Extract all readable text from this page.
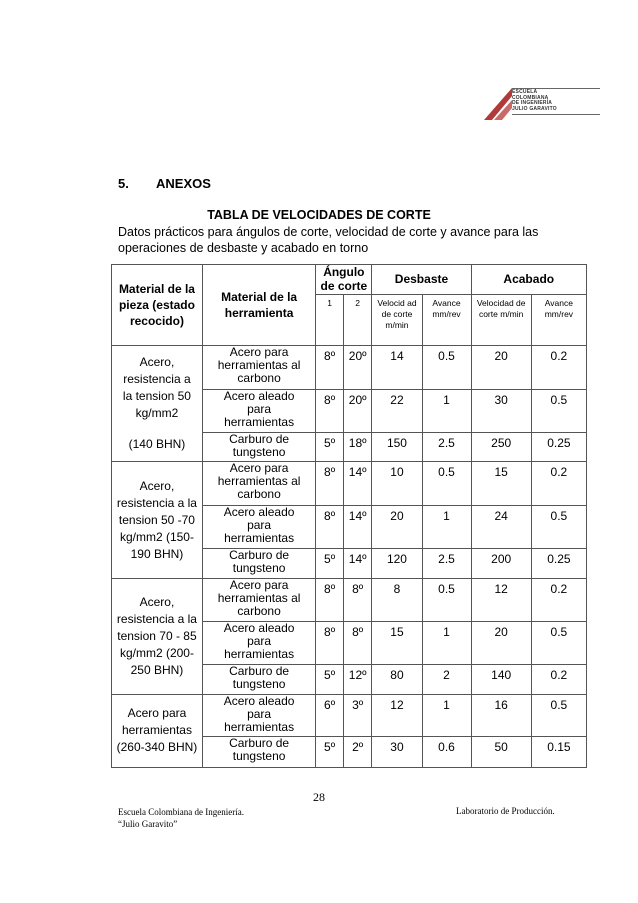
ESCUELA
COLOMBIANA
DE INGENIERÍA
JULIO GARAVITO
5. ANEXOS
TABLA DE VELOCIDADES DE CORTE
Datos prácticos para ángulos de corte, velocidad de corte y avance para las operaciones de desbaste y acabado en torno
Material de la pieza (estado recocido)	Material de la herramienta	Ángulo de corte		Desbaste		Acabado	
		1	2	Velocid ad de corte m/min	Avance mm/rev	Velocidad de corte m/min	Avance mm/rev

Acero, resistencia a la tension 50 kg/mm2
(140 BHN)	Acero para herramientas al carbono	8º	20º	14	0.5	20	0.2

	Acero aleado para herramientas	8º	20º	22	1	30	0.5

	Carburo de tungsteno	5º	18º	150	2.5	250	0.25

Acero, resistencia a la tension 50 -70 kg/mm2 (150-190 BHN)	Acero para herramientas al carbono	8º	14º	10	0.5	15	0.2

	Acero aleado para herramientas	8º	14º	20	1	24	0.5

	Carburo de tungsteno	5º	14º	120	2.5	200	0.25

Acero, resistencia a la tension 70 - 85 kg/mm2 (200-250 BHN)	Acero para herramientas al carbono	8º	8º	8	0.5	12	0.2

	Acero aleado para herramientas	8º	8º	15	1	20	0.5

	Carburo de tungsteno	5º	12º	80	2	140	0.2

Acero para herramientas (260-340 BHN)	Acero aleado para herramientas	6º	3º	12	1	16	0.5

	Carburo de tungsteno	5º	2º	30	0.6	50	0.15
28
Escuela Colombiana de Ingeniería.
“Julio Garavito”
Laboratorio de Producción.
